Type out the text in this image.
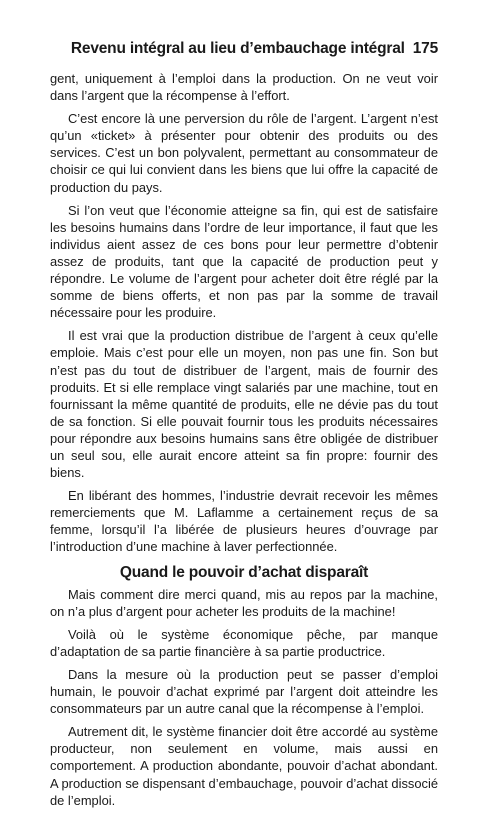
Revenu intégral au lieu d’embauchage intégral 175

gent, uniquement à l’emploi dans la production. On ne veut voir dans l’argent que la récompense à l’effort.

C’est encore là une perversion du rôle de l’argent. L’argent n’est qu’un «ticket» à présenter pour obtenir des produits ou des services. C’est un bon polyvalent, permettant au consommateur de choisir ce qui lui convient dans les biens que lui offre la capacité de production du pays.

Si l’on veut que l’économie atteigne sa fin, qui est de satisfaire les besoins humains dans l’ordre de leur importance, il faut que les individus aient assez de ces bons pour leur permettre d’obtenir assez de produits, tant que la capacité de production peut y répondre. Le volume de l’argent pour acheter doit être réglé par la somme de biens offerts, et non pas par la somme de travail nécessaire pour les produire.

Il est vrai que la production distribue de l’argent à ceux qu’elle emploie. Mais c’est pour elle un moyen, non pas une fin. Son but n’est pas du tout de distribuer de l’argent, mais de fournir des produits. Et si elle remplace vingt salariés par une machine, tout en fournissant la même quantité de produits, elle ne dévie pas du tout de sa fonction. Si elle pouvait fournir tous les produits nécessaires pour répondre aux besoins humains sans être obligée de distribuer un seul sou, elle aurait encore atteint sa fin propre: fournir des biens.

En libérant des hommes, l’industrie devrait recevoir les mêmes remerciements que M. Laflamme a certainement reçus de sa femme, lorsqu’il l’a libérée de plusieurs heures d’ouvrage par l’introduction d’une machine à laver perfectionnée.

Quand le pouvoir d’achat disparaît

Mais comment dire merci quand, mis au repos par la machine, on n’a plus d’argent pour acheter les produits de la machine!

Voilà où le système économique pêche, par manque d’adaptation de sa partie financière à sa partie productrice.

Dans la mesure où la production peut se passer d’emploi humain, le pouvoir d’achat exprimé par l’argent doit atteindre les consommateurs par un autre canal que la récompense à l’emploi.

Autrement dit, le système financier doit être accordé au système producteur, non seulement en volume, mais aussi en comportement. A production abondante, pouvoir d’achat abondant. A production se dispensant d’embauchage, pouvoir d’achat dissocié de l’emploi.
